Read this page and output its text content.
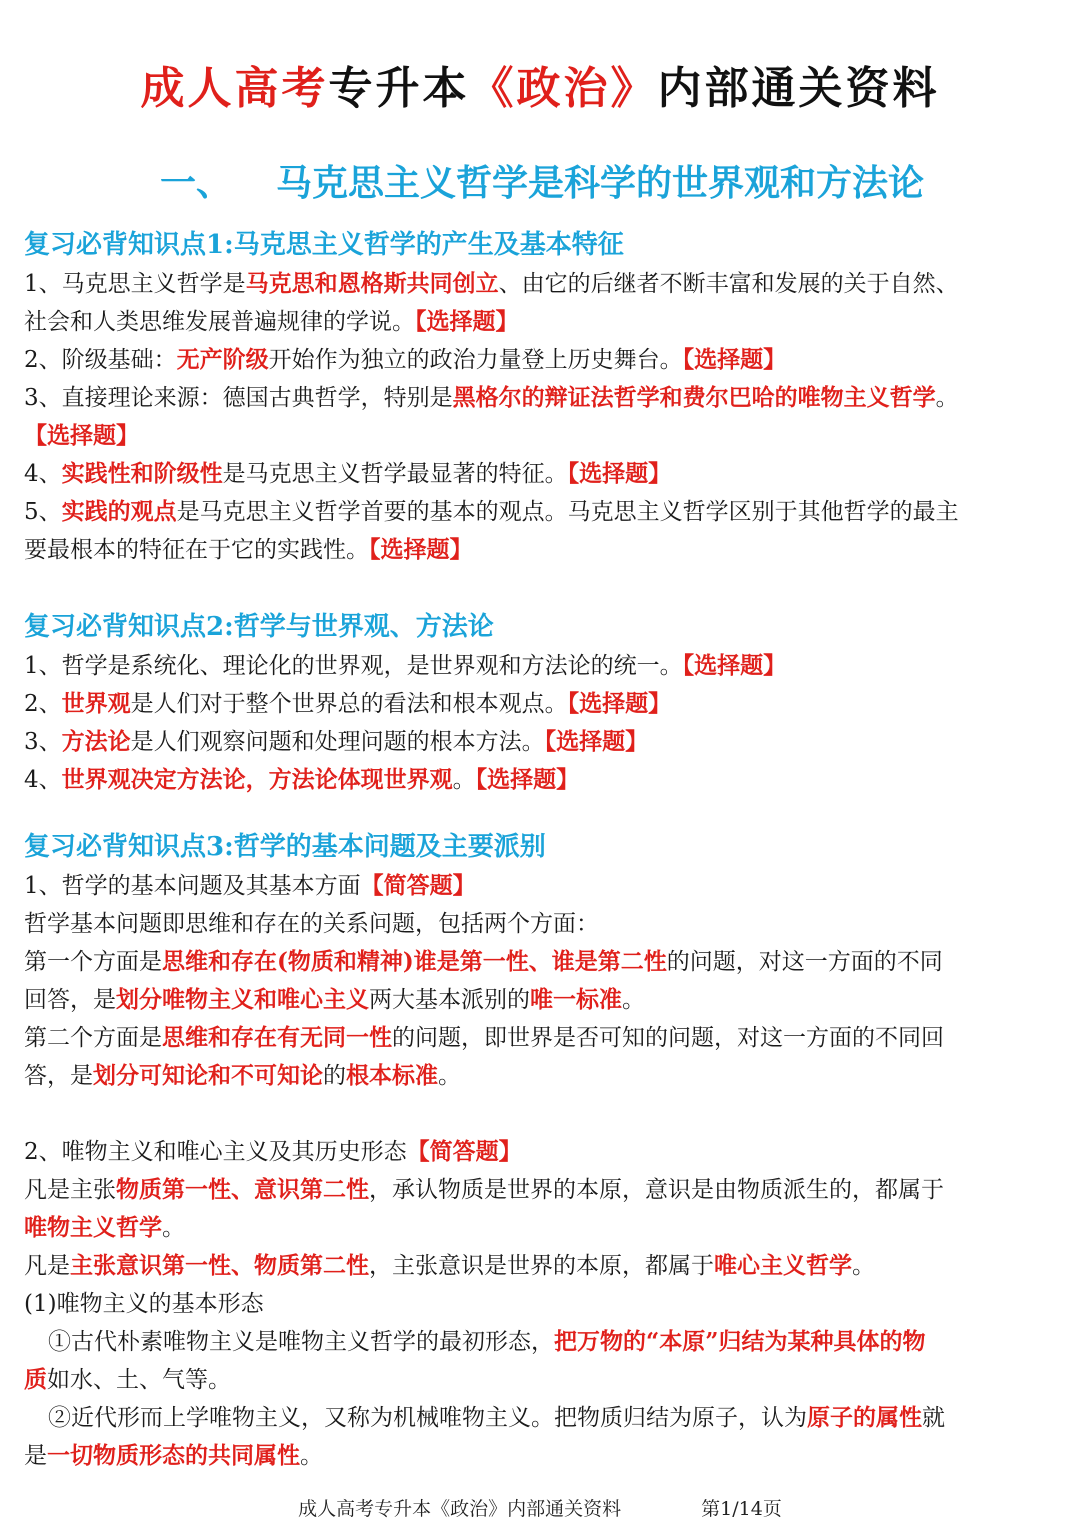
成人高考专升本《政治》内部通关资料
一、 马克思主义哲学是科学的世界观和方法论
复习必背知识点1:马克思主义哲学的产生及基本特征
1、马克思主义哲学是马克思和恩格斯共同创立、由它的后继者不断丰富和发展的关于自然、
社会和人类思维发展普遍规律的学说。【选择题】
2、阶级基础：无产阶级开始作为独立的政治力量登上历史舞台。【选择题】
3、直接理论来源：德国古典哲学，特别是黑格尔的辩证法哲学和费尔巴哈的唯物主义哲学。
【选择题】
4、实践性和阶级性是马克思主义哲学最显著的特征。【选择题】
5、实践的观点是马克思主义哲学首要的基本的观点。马克思主义哲学区别于其他哲学的最主
要最根本的特征在于它的实践性。【选择题】
复习必背知识点2:哲学与世界观、方法论
1、哲学是系统化、理论化的世界观，是世界观和方法论的统一。【选择题】
2、世界观是人们对于整个世界总的看法和根本观点。【选择题】
3、方法论是人们观察问题和处理问题的根本方法。【选择题】
4、世界观决定方法论，方法论体现世界观。【选择题】
复习必背知识点3:哲学的基本问题及主要派别
1、哲学的基本问题及其基本方面【简答题】
哲学基本问题即思维和存在的关系问题，包括两个方面：
第一个方面是思维和存在(物质和精神)谁是第一性、谁是第二性的问题，对这一方面的不同
回答，是划分唯物主义和唯心主义两大基本派别的唯一标准。
第二个方面是思维和存在有无同一性的问题，即世界是否可知的问题，对这一方面的不同回
答，是划分可知论和不可知论的根本标准。
2、唯物主义和唯心主义及其历史形态【简答题】
凡是主张物质第一性、意识第二性，承认物质是世界的本原，意识是由物质派生的，都属于
唯物主义哲学。
凡是主张意识第一性、物质第二性，主张意识是世界的本原，都属于唯心主义哲学。
(1)唯物主义的基本形态
①古代朴素唯物主义是唯物主义哲学的最初形态，把万物的“本原”归结为某种具体的物
质如水、土、气等。
②近代形而上学唯物主义，又称为机械唯物主义。把物质归结为原子，认为原子的属性就
是一切物质形态的共同属性。
成人高考专升本《政治》内部通关资料	第1/14页
